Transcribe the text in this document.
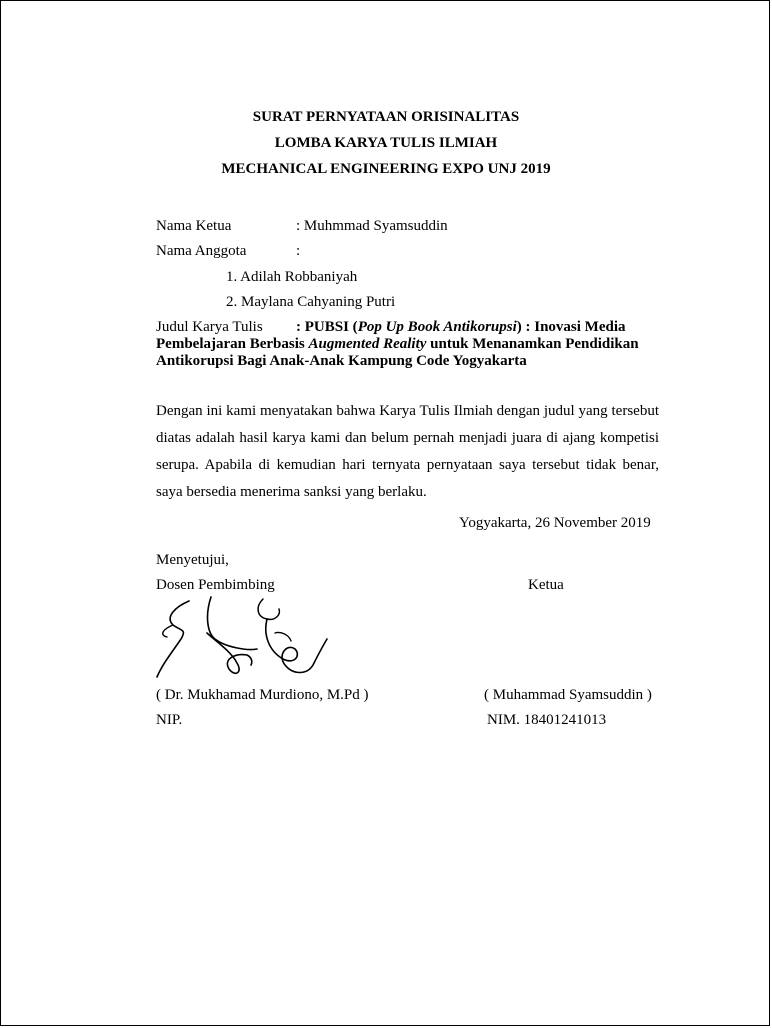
SURAT PERNYATAAN ORISINALITAS
LOMBA KARYA TULIS ILMIAH
MECHANICAL ENGINEERING EXPO UNJ 2019
Nama Ketua	: Muhmmad Syamsuddin
Nama Anggota	:
1. Adilah Robbaniyah
2. Maylana Cahyaning Putri
Judul Karya Tulis : PUBSI (Pop Up Book Antikorupsi) : Inovasi Media
Pembelajaran Berbasis Augmented Reality untuk Menanamkan Pendidikan
Antikorupsi Bagi Anak-Anak Kampung Code Yogyakarta
Dengan ini kami menyatakan bahwa Karya Tulis Ilmiah dengan judul yang tersebut diatas adalah hasil karya kami dan belum pernah menjadi juara di ajang kompetisi serupa. Apabila di kemudian hari ternyata pernyataan saya tersebut tidak benar, saya bersedia menerima sanksi yang berlaku.
Yogyakarta, 26 November 2019
Menyetujui,
Dosen Pembimbing	Ketua
( Dr. Mukhamad Murdiono, M.Pd )	( Muhammad Syamsuddin )
NIP.	NIM. 18401241013
